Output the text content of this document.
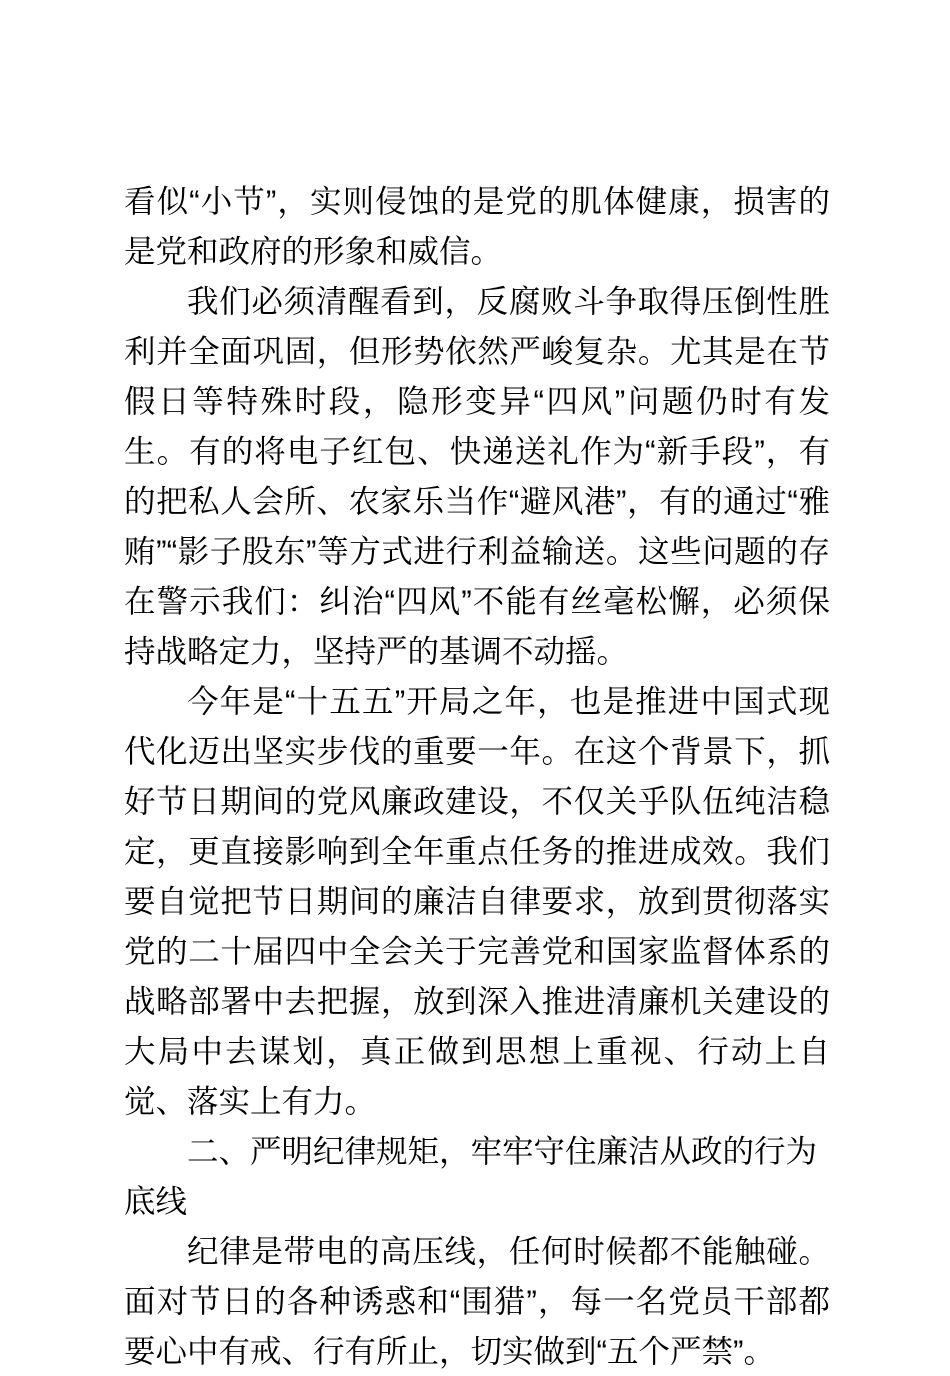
看似“小节”，实则侵蚀的是党的肌体健康，损害的是党和政府的形象和威信。

我们必须清醒看到，反腐败斗争取得压倒性胜利并全面巩固，但形势依然严峻复杂。尤其是在节假日等特殊时段，隐形变异“四风”问题仍时有发生。有的将电子红包、快递送礼作为“新手段”，有的把私人会所、农家乐当作“避风港”，有的通过“雅贿”“影子股东”等方式进行利益输送。这些问题的存在警示我们：纠治“四风”不能有丝毫松懈，必须保持战略定力，坚持严的基调不动摇。

今年是“十五五”开局之年，也是推进中国式现代化迈出坚实步伐的重要一年。在这个背景下，抓好节日期间的党风廉政建设，不仅关乎队伍纯洁稳定，更直接影响到全年重点任务的推进成效。我们要自觉把节日期间的廉洁自律要求，放到贯彻落实党的二十届四中全会关于完善党和国家监督体系的战略部署中去把握，放到深入推进清廉机关建设的大局中去谋划，真正做到思想上重视、行动上自觉、落实上有力。

二、严明纪律规矩，牢牢守住廉洁从政的行为底线

纪律是带电的高压线，任何时候都不能触碰。面对节日的各种诱惑和“围猎”，每一名党员干部都要心中有戒、行有所止，切实做到“五个严禁”。
